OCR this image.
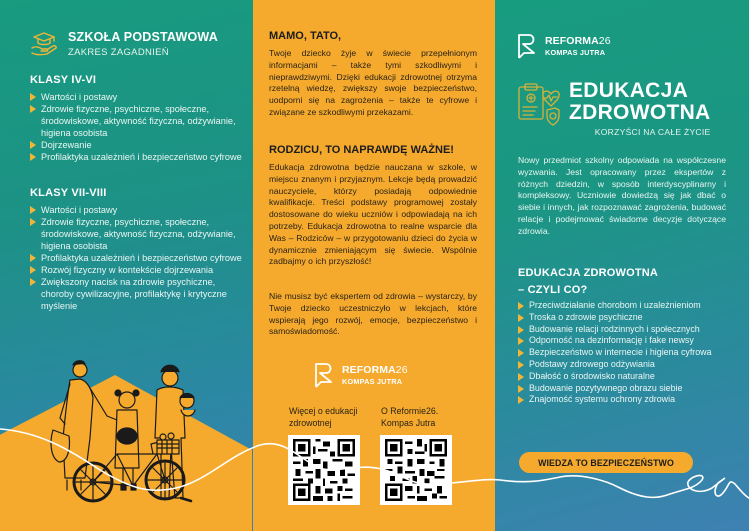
SZKOŁA PODSTAWOWA
ZAKRES ZAGADNIEŃ
KLASY IV-VI
Wartości i postawy
Zdrowie fizyczne, psychiczne, społeczne, środowiskowe, aktywność fizyczna, odżywianie, higiena osobista
Dojrzewanie
Profilaktyka uzależnień i bezpieczeństwo cyfrowe
KLASY VII-VIII
Wartości i postawy
Zdrowie fizyczne, psychiczne, społeczne, środowiskowe, aktywność fizyczna, odżywianie, higiena osobista
Profilaktyka uzależnień i bezpieczeństwo cyfrowe
Rozwój fizyczny w kontekście dojrzewania
Zwiększony nacisk na zdrowie psychiczne, choroby cywilizacyjne, profilaktykę i krytyczne myślenie
MAMO, TATO,

Twoje dziecko żyje w świecie przepełnionym informacjami – także tymi szkodliwymi i nieprawdziwymi. Dzięki edukacji zdrowotnej otrzyma rzetelną wiedzę, zwiększy swoje bezpieczeństwo, uodporni się na zagrożenia – także te cyfrowe i związane ze szkodliwymi przekazami.

RODZICU, TO NAPRAWDĘ WAŻNE!

Edukacja zdrowotna będzie nauczana w szkole, w miejscu znanym i przyjaznym. Lekcje będą prowadzić nauczyciele, którzy posiadają odpowiednie kwalifikacje. Treści podstawy programowej zostały dostosowane do wieku uczniów i odpowiadają na ich potrzeby. Edukacja zdrowotna to realne wsparcie dla Was – Rodziców – w przygotowaniu dzieci do życia w dynamicznie zmieniającym się świecie. Wspólnie zadbajmy o ich przyszłość!

Nie musisz być ekspertem od zdrowia – wystarczy, by Twoje dziecko uczestniczyło w lekcjach, które wspierają jego rozwój, emocje, bezpieczeństwo i samoświadomość.

REFORMA26
KOMPAS JUTRA
Więcej o edukacji
zdrowotnej
O Reformie26.
Kompas Jutra
REFORMA26
KOMPAS JUTRA
EDUKACJA
ZDROWOTNA
KORZYŚCI NA CAŁE ŻYCIE

Nowy przedmiot szkolny odpowiada na współczesne wyzwania. Jest opracowany przez ekspertów z różnych dziedzin, w sposób interdyscyplinarny i kompleksowy. Uczniowie dowiedzą się jak dbać o siebie i innych, jak rozpoznawać zagrożenia, budować relacje i podejmować świadome decyzje dotyczące zdrowia.

EDUKACJA ZDROWOTNA
– CZYLI CO?
Przeciwdziałanie chorobom i uzależnieniom
Troska o zdrowie psychiczne
Budowanie relacji rodzinnych i społecznych
Odporność na dezinformację i fake newsy
Bezpieczeństwo w internecie i higiena cyfrowa
Podstawy zdrowego odżywiania
Dbałość o środowisko naturalne
Budowanie pozytywnego obrazu siebie
Znajomość systemu ochrony zdrowia
WIEDZA TO BEZPIECZEŃSTWO
